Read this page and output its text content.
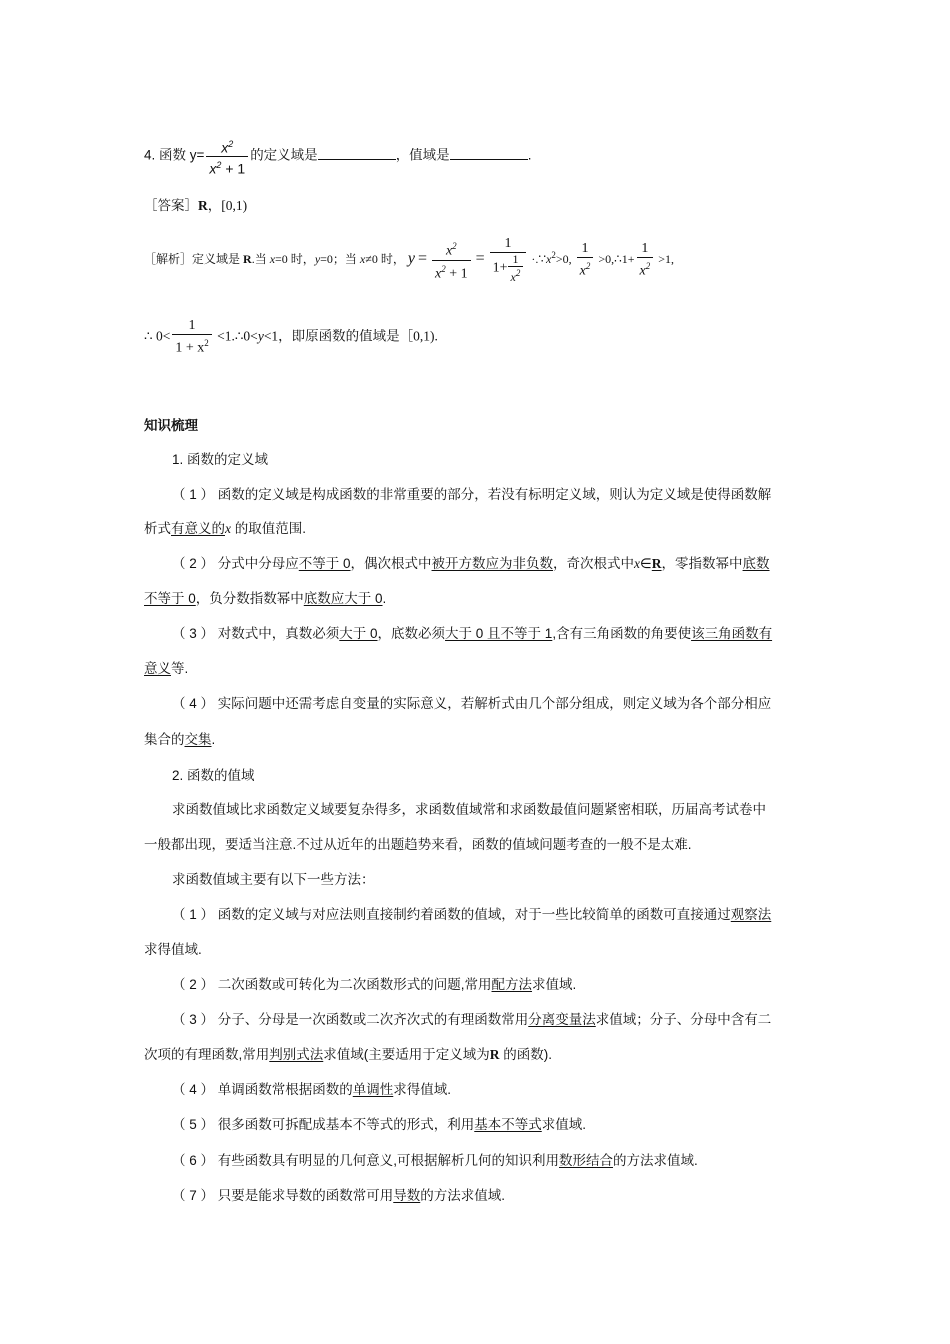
4. 函数 $y= \frac{x^2}{x^2 + 1}$ 的定义域是	，值域是	.
［答案］R，[0,1)
［解析］定义域是 R.当 x=0 时，y=0；当 x≠0 时， $y = \frac{x^2}{x^2 + 1} = \frac{1}{1+ \frac{1}{x^2}}$ $\cdot.\because x^2>0$, $\frac{1}{x^2}$ >0,∴1+ $\frac{1}{x^2} >1$,
∴ $0< \frac{1}{1 + x^2}$ <1.∴0<y<1，即原函数的值域是［0,1).
知识梳理
1. 函数的定义域
（ 1 ） 函数的定义域是构成函数的非常重要的部分，若没有标明定义域，则认为定义域是使得函数解
析式有意义的x 的取值范围.
（ 2 ） 分式中分母应不等于 0，偶次根式中被开方数应为非负数，奇次根式中x∈R，零指数幂中底数
不等于 0，负分数指数幂中底数应大于 0.
（ 3 ） 对数式中，真数必须大于 0，底数必须大于 0 且不等于 1,含有三角函数的角要使该三角函数有
意义等.
（ 4 ） 实际问题中还需考虑自变量的实际意义，若解析式由几个部分组成，则定义域为各个部分相应
集合的交集.
2. 函数的值域
求函数值域比求函数定义域要复杂得多，求函数值域常和求函数最值问题紧密相联，历届高考试卷中
一般都出现，要适当注意.不过从近年的出题趋势来看，函数的值域问题考查的一般不是太难.
求函数值域主要有以下一些方法：
（ 1 ） 函数的定义域与对应法则直接制约着函数的值域，对于一些比较简单的函数可直接通过观察法
求得值域.
（ 2 ） 二次函数或可转化为二次函数形式的问题,常用配方法求值域.
（ 3 ） 分子、分母是一次函数或二次齐次式的有理函数常用分离变量法求值域；分子、分母中含有二
次项的有理函数,常用判别式法求值域(主要适用于定义域为R 的函数).
（ 4 ） 单调函数常根据函数的单调性求得值域.
（ 5 ） 很多函数可拆配成基本不等式的形式，利用基本不等式求值域.
（ 6 ） 有些函数具有明显的几何意义,可根据解析几何的知识利用数形结合的方法求值域.
（ 7 ） 只要是能求导数的函数常可用导数的方法求值域.
